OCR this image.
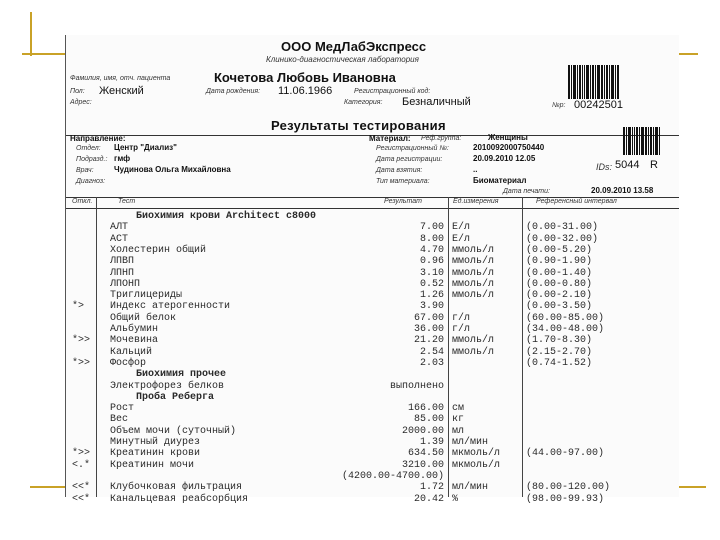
ООО МедЛабЭкспресс
Клинико-диагностическая лаборатория
Фамилия, имя, отч. пациента	Кочетова Любовь Ивановна
Пол: Женский	Дата рождения: 11.06.1966	Регистрационный код:
Адрес:	Категория: Безналичный	№р: 00242501
Результаты тестирования
Направление:
Отдел: Центр "Диализ"
Подразд.: гмф
Врач:	Чудинова Ольга Михайловна
Диагноз:
Материал: Реф.группа:	Женщины
Регистрационный №:	2010092000750440
Дата регистрации:	20.09.2010 12.05
Дата взятия:	..
Тип материала:	Биоматериал
IDs: 5044 R
Дата печати:	20.09.2010 13.58
Откл.	Тест	Результат	Ед.измерения	Референсный интервал
Биохимия крови Architect c8000
АЛТ	7.00 Е/л	(0.00-31.00)
АСТ	8.00 Е/л	(0.00-32.00)
Холестерин общий	4.70 ммоль/л	(0.00-5.20)
ЛПВП	0.96 ммоль/л	(0.90-1.90)
ЛПНП	3.10 ммоль/л	(0.00-1.40)
ЛПОНП	0.52 ммоль/л	(0.00-0.80)
Триглицериды	1.26 ммоль/л	(0.00-2.10)
*>	Индекс атерогенности	3.90	(0.00-3.50)
Общий белок	67.00 г/л	(60.00-85.00)
Альбумин	36.00 г/л	(34.00-48.00)
*>> Мочевина	21.20 ммоль/л	(1.70-8.30)
Кальций	2.54 ммоль/л	(2.15-2.70)
*>> Фосфор	2.03	(0.74-1.52)
Биохимия прочее
Электрофорез белков	выполнено
Проба Реберга
Рост	166.00 см
Вес	85.00 кг
Объем мочи (суточный)	2000.00 мл
Минутный диурез	1.39 мл/мин
*>> Креатинин крови	634.50 мкмоль/л	(44.00-97.00)
<.* Креатинин мочи	3210.00 мкмоль/л
(4200.00-4700.00)
<<* Клубочковая фильтрация	1.72 мл/мин	(80.00-120.00)
<<* Канальцевая реабсорбция	20.42 %	(98.00-99.93)
